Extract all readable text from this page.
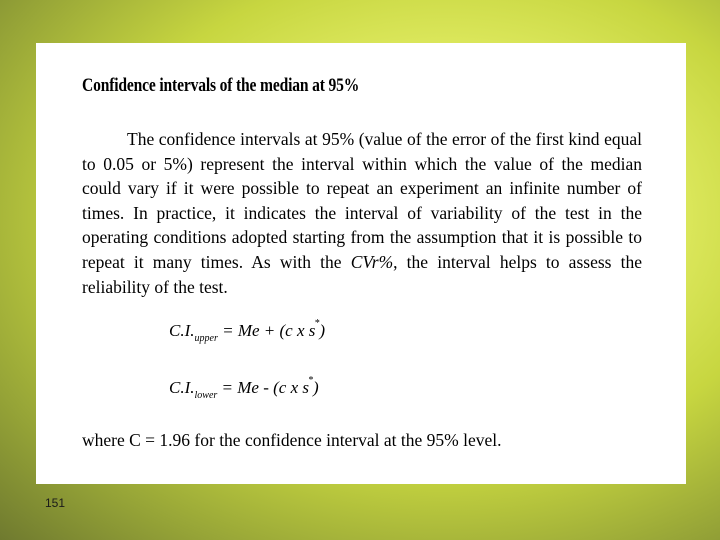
Confidence intervals of the median at 95%

The confidence intervals at 95% (value of the error of the first kind equal to 0.05 or 5%) represent the interval within which the value of the median could vary if it were possible to repeat an experiment an infinite number of times. In practice, it indicates the interval of variability of the test in the operating conditions adopted starting from the assumption that it is possible to repeat it many times. As with the CVr%, the interval helps to assess the reliability of the test.

$C.I._{upper} = Me + (c$ x s*)
$C.I._{lower} = Me - (c$ x s*)
where C = 1.96 for the confidence interval at the 95% level.
151
